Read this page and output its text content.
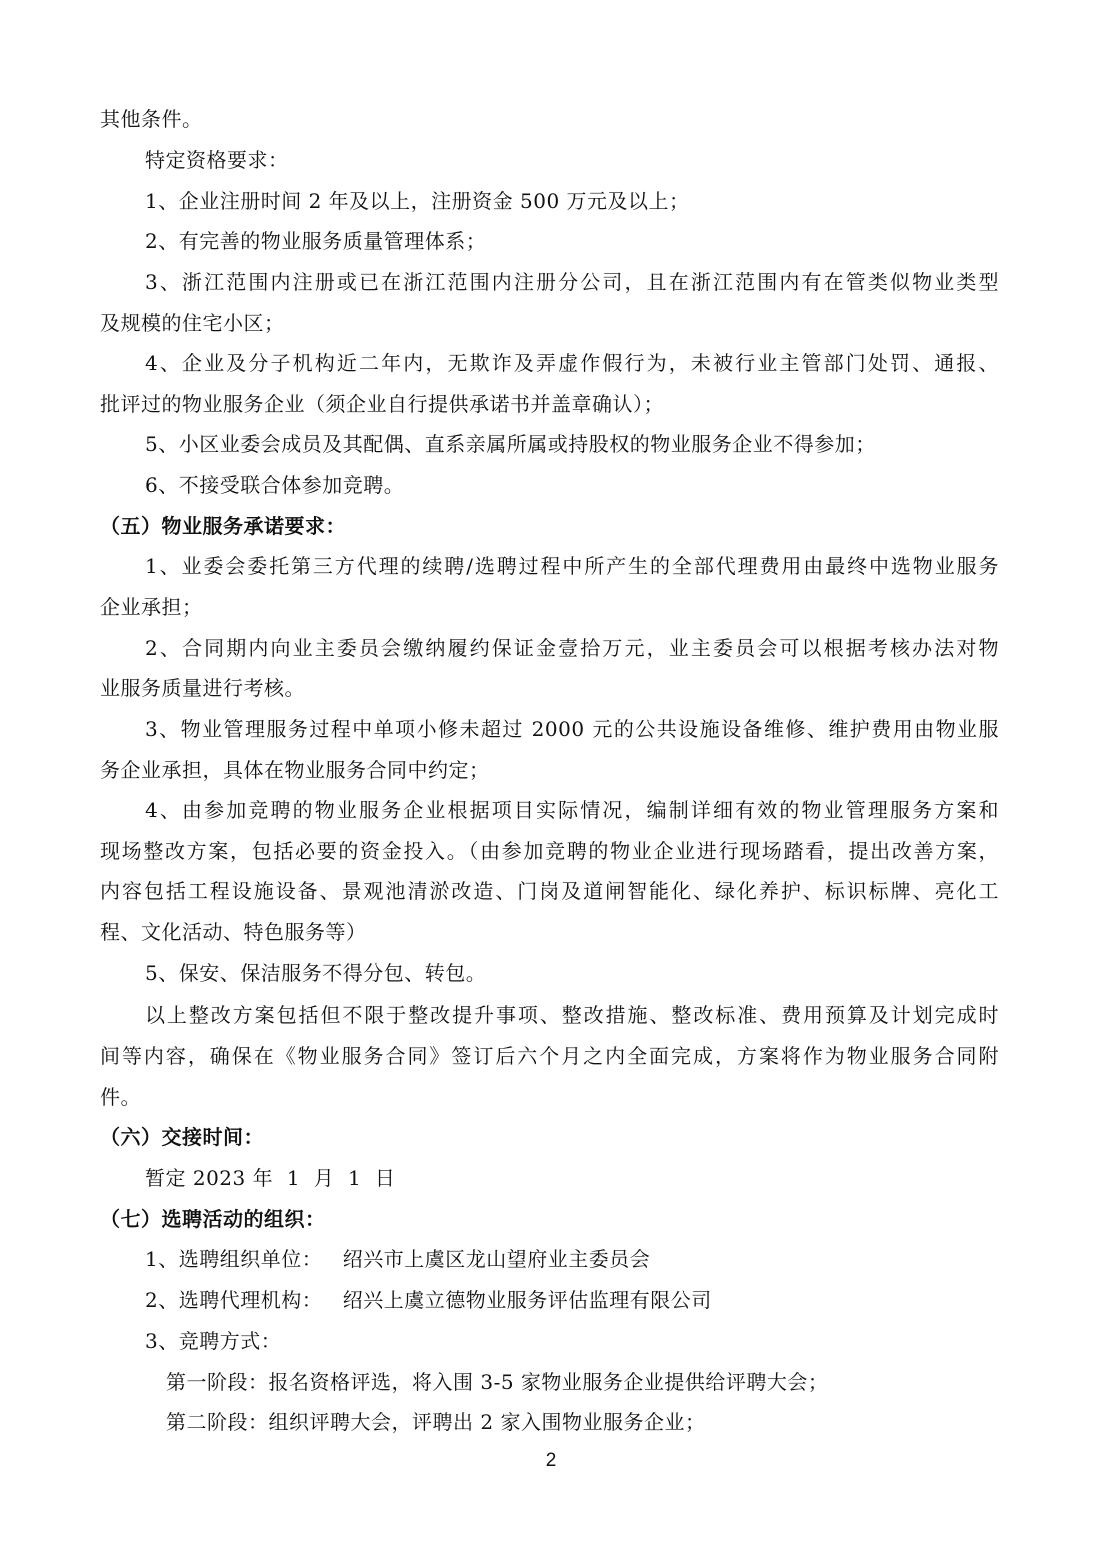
其他条件。
特定资格要求：
1、企业注册时间 2 年及以上，注册资金 500 万元及以上；
2、有完善的物业服务质量管理体系；
3、浙江范围内注册或已在浙江范围内注册分公司，且在浙江范围内有在管类似物业类型
及规模的住宅小区；
4、企业及分子机构近二年内，无欺诈及弄虚作假行为，未被行业主管部门处罚、通报、
批评过的物业服务企业（须企业自行提供承诺书并盖章确认）；
5、小区业委会成员及其配偶、直系亲属所属或持股权的物业服务企业不得参加；
6、不接受联合体参加竞聘。
（五）物业服务承诺要求：
1、业委会委托第三方代理的续聘/选聘过程中所产生的全部代理费用由最终中选物业服务
企业承担；
2、合同期内向业主委员会缴纳履约保证金壹拾万元，业主委员会可以根据考核办法对物
业服务质量进行考核。
3、物业管理服务过程中单项小修未超过 2000 元的公共设施设备维修、维护费用由物业服
务企业承担，具体在物业服务合同中约定；
4、由参加竞聘的物业服务企业根据项目实际情况，编制详细有效的物业管理服务方案和
现场整改方案，包括必要的资金投入。（由参加竞聘的物业企业进行现场踏看，提出改善方案，
内容包括工程设施设备、景观池清淤改造、门岗及道闸智能化、绿化养护、标识标牌、亮化工
程、文化活动、特色服务等）
5、保安、保洁服务不得分包、转包。
以上整改方案包括但不限于整改提升事项、整改措施、整改标准、费用预算及计划完成时
间等内容，确保在《物业服务合同》签订后六个月之内全面完成，方案将作为物业服务合同附
件。
（六）交接时间：
暂定 2023 年  1  月  1  日
（七）选聘活动的组织：
1、选聘组织单位：   绍兴市上虞区龙山望府业主委员会
2、选聘代理机构：   绍兴上虞立德物业服务评估监理有限公司
3、竞聘方式：
第一阶段：报名资格评选，将入围 3-5 家物业服务企业提供给评聘大会；
第二阶段：组织评聘大会，评聘出 2 家入围物业服务企业；
2
